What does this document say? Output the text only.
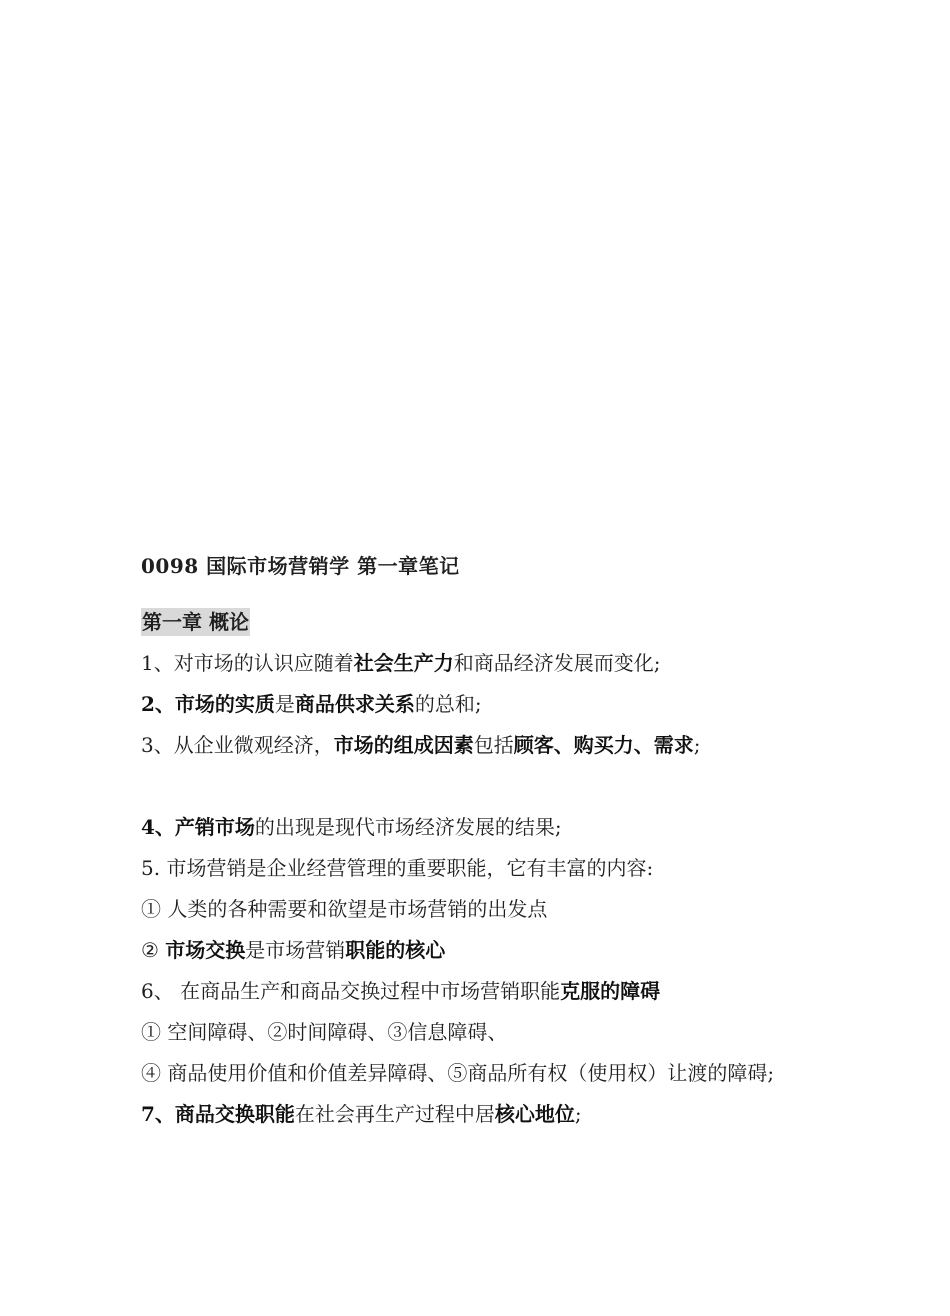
0098 国际市场营销学 第一章笔记
第一章 概论
1、对市场的认识应随着社会生产力和商品经济发展而变化;
2、市场的实质是商品供求关系的总和;
3、从企业微观经济，市场的组成因素包括顾客、购买力、需求;
4、产销市场的出现是现代市场经济发展的结果;
5. 市场营销是企业经营管理的重要职能，它有丰富的内容:
① 人类的各种需要和欲望是市场营销的出发点
② 市场交换是市场营销职能的核心
6、 在商品生产和商品交换过程中市场营销职能克服的障碍
① 空间障碍、②时间障碍、③信息障碍、
④ 商品使用价值和价值差异障碍、⑤商品所有权（使用权）让渡的障碍;
7、商品交换职能在社会再生产过程中居核心地位;
